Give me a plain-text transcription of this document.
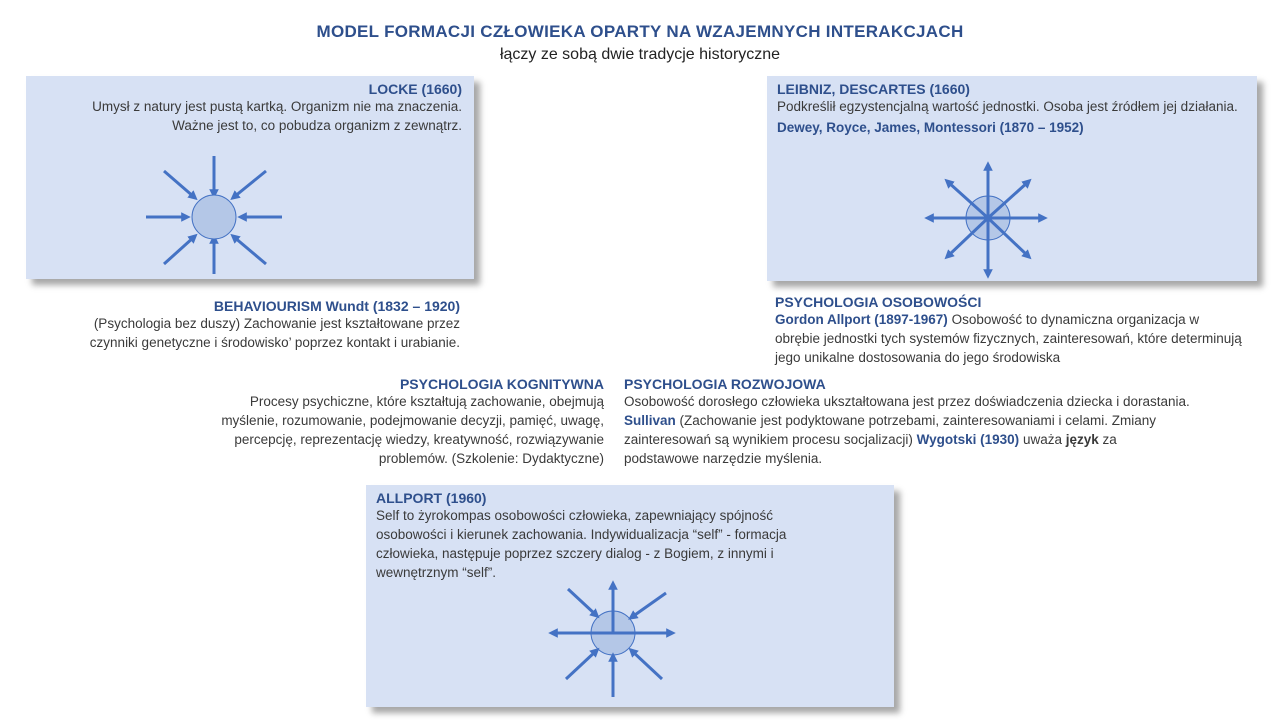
MODEL FORMACJI CZŁOWIEKA OPARTY NA WZAJEMNYCH INTERAKCJACH
łączy ze sobą dwie tradycje historyczne
LOCKE (1660)
Umysł z natury jest pustą kartką. Organizm nie ma znaczenia.
Ważne jest to, co pobudza organizm z zewnątrz.
LEIBNIZ, DESCARTES (1660)
Podkreślił egzystencjalną wartość jednostki. Osoba jest źródłem jej działania.
Dewey, Royce, James, Montessori (1870 – 1952)
BEHAVIOURISM Wundt (1832 – 1920)
(Psychologia bez duszy) Zachowanie jest kształtowane przez
czynniki genetyczne i środowisko’ poprzez kontakt i urabianie.
PSYCHOLOGIA OSOBOWOŚCI
Gordon Allport (1897-1967) Osobowość to dynamiczna organizacja w obrębie jednostki tych systemów fizycznych, zainteresowań, które determinują jego unikalne dostosowania do jego środowiska
PSYCHOLOGIA KOGNITYWNA
Procesy psychiczne, które kształtują zachowanie, obejmują
myślenie, rozumowanie, podejmowanie decyzji, pamięć, uwagę,
percepcję, reprezentację wiedzy, kreatywność, rozwiązywanie
problemów. (Szkolenie: Dydaktyczne)
PSYCHOLOGIA ROZWOJOWA
Osobowość dorosłego człowieka ukształtowana jest przez doświadczenia dziecka i dorastania. Sullivan (Zachowanie jest podyktowane potrzebami, zainteresowaniami i celami. Zmiany zainteresowań są wynikiem procesu socjalizacji) Wygotski (1930) uważa język za podstawowe narzędzie myślenia.
ALLPORT (1960)
Self to żyrokompas osobowości człowieka, zapewniający spójność osobowości i kierunek zachowania. Indywidualizacja “self” - formacja człowieka, następuje poprzez szczery dialog - z Bogiem, z innymi i wewnętrznym “self”.
